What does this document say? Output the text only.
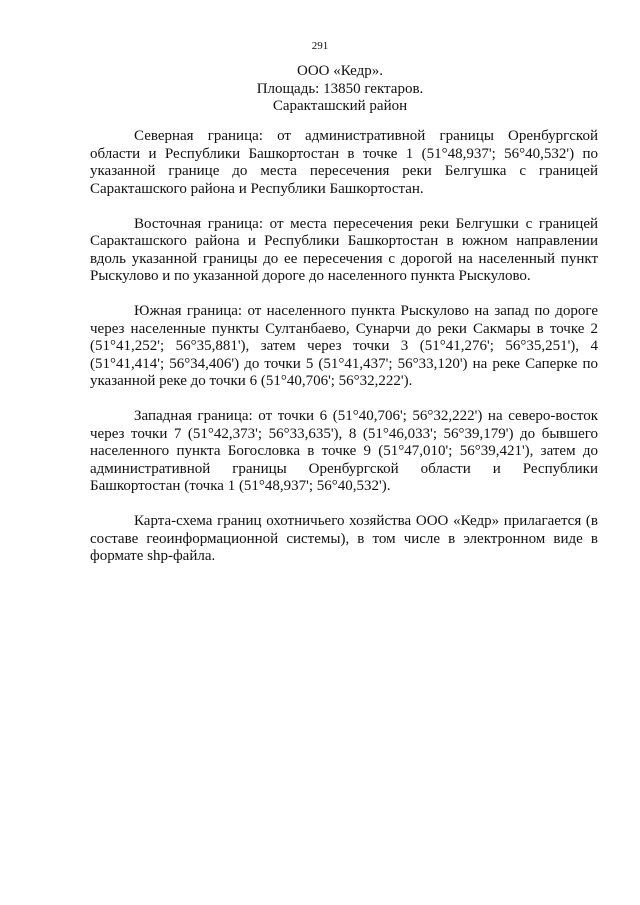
291
ООО «Кедр».
Площадь: 13850 гектаров.
Саракташский район

Северная граница: от административной границы Оренбургской области и Республики Башкортостан в точке 1 (51°48,937'; 56°40,532') по указанной границе до места пересечения реки Белгушка с границей Саракташского района и Республики Башкортостан.

Восточная граница: от места пересечения реки Белгушки с границей Саракташского района и Республики Башкортостан в южном направлении вдоль указанной границы до ее пересечения с дорогой на населенный пункт Рыскулово и по указанной дороге до населенного пункта Рыскулово.

Южная граница: от населенного пункта Рыскулово на запад по дороге через населенные пункты Султанбаево, Сунарчи до реки Сакмары в точке 2 (51°41,252'; 56°35,881'), затем через точки 3 (51°41,276'; 56°35,251'), 4 (51°41,414'; 56°34,406') до точки 5 (51°41,437'; 56°33,120') на реке Саперке по указанной реке до точки 6 (51°40,706'; 56°32,222').

Западная граница: от точки 6 (51°40,706'; 56°32,222') на северо-восток через точки 7 (51°42,373'; 56°33,635'), 8 (51°46,033'; 56°39,179') до бывшего населенного пункта Богословка в точке 9 (51°47,010'; 56°39,421'), затем до административной границы Оренбургской области и Республики Башкортостан (точка 1 (51°48,937'; 56°40,532').

Карта-схема границ охотничьего хозяйства ООО «Кедр» прилагается (в составе геоинформационной системы), в том числе в электронном виде в формате shp-файла.
